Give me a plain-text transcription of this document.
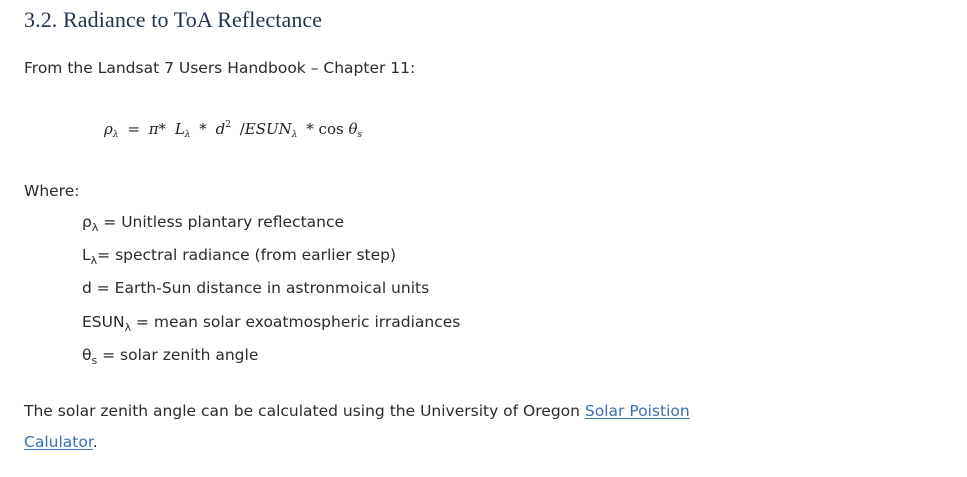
3.2. Radiance to ToA Reflectance

From the Landsat 7 Users Handbook – Chapter 11:

$\rho_\lambda = \pi*$ $L_\lambda * d^2$ $/ESUN_\lambda$ * $\cos \theta_s$

Where:

$\rho_\lambda$ = Unitless plantary reflectance
$L_\lambda=$ spectral radiance (from earlier step)
d = Earth-Sun distance in astronmoical units
$ESUN_\lambda$ = mean solar exoatmospheric irradiances
$\theta_s$ = solar zenith angle

The solar zenith angle can be calculated using the University of Oregon Solar Poistion Calulator.
